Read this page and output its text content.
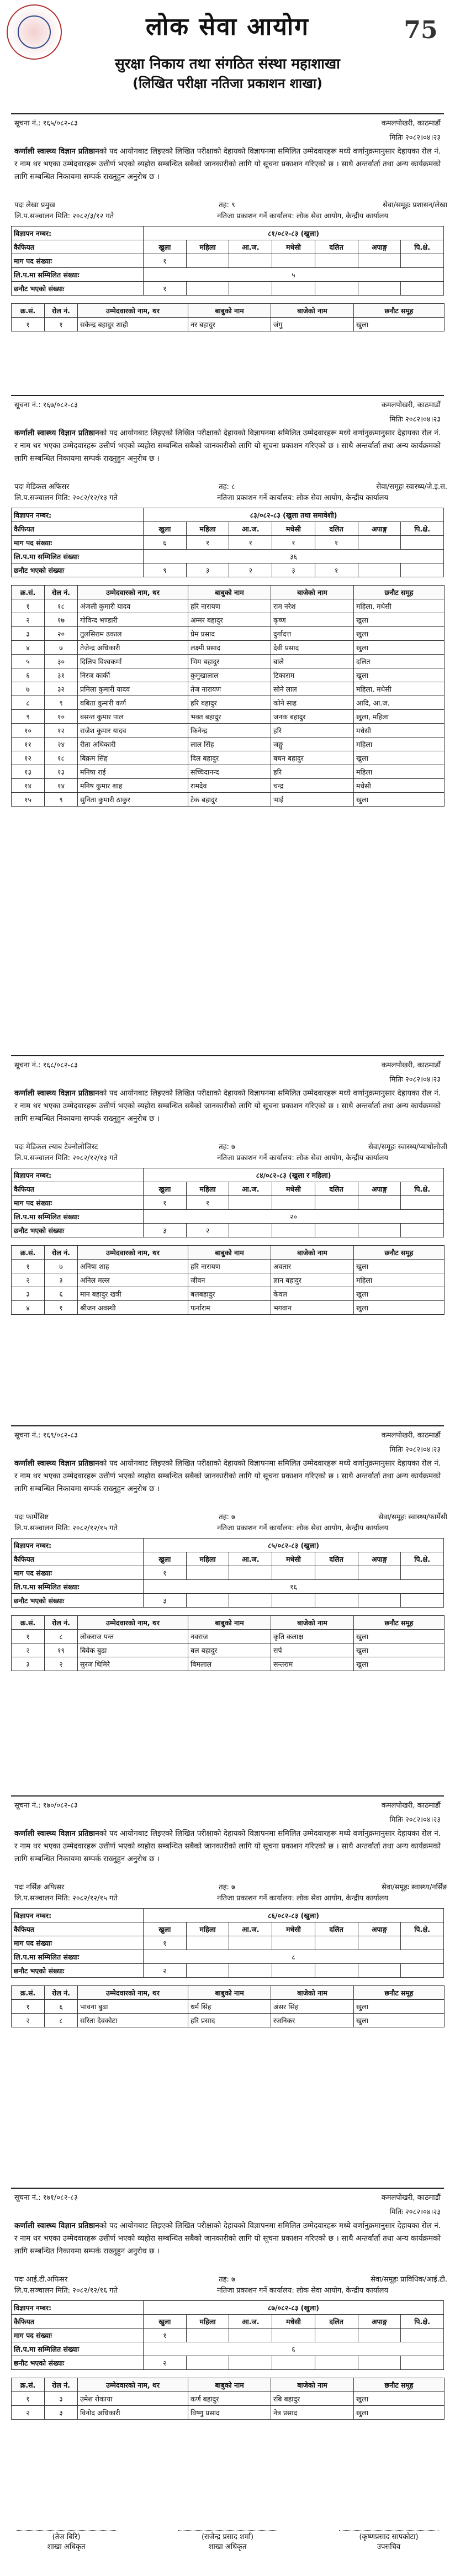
लोक सेवा आयोग
सुरक्षा निकाय तथा संगठित संस्था महाशाखा
(लिखित परीक्षा नतिजा प्रकाशन शाखा)
75
सूचना नं.: १६५/०८२-८३	कमलपोखरी, काठमाडौं
मितिः २०८२।०४।२३
कर्णाली स्वास्थ्य विज्ञान प्रतिष्ठानको पद आयोगबाट लिइएको लिखित परीक्षाको देहायको विज्ञापनमा समिलित उम्मेदवारहरू मध्ये वर्णानुक्रमानुसार देहायका रोल नं. र नाम थर भएका उम्मेदवारहरू उत्तीर्ण भएको व्यहोरा सम्बन्धित सबैको जानकारीको लागि यो सूचना प्रकाशन गरिएको छ । साथै अन्तर्वार्ता तथा अन्य कार्यक्रमको लागि सम्बन्धित निकायमा सम्पर्क राख्नुहुन अनुरोध छ ।
पदः लेखा प्रमुख	तह: ९	सेवा/समूहः प्रशासन/लेखा
लि.प.सञ्चालन मिति: २०८२/३/१२ गते	नतिजा प्रकाशन गर्ने कार्यालय: लोक सेवा आयोग, केन्द्रीय कार्यालय
विज्ञापन नम्बर:	८१/०८२-८३ (खुला)						
कैफियत	खुला	महिला	आ.ज.	मधेसी	दलित	अपाङ्ग	पि.क्षे.
माग पद संख्याः	१						
लि.प.मा सम्मिलित संख्याः	५						
छनौट भएको संख्याः	१						
क्र.सं.	रोल नं.	उम्मेदवारको नाम, थर	बाबुको नाम	बाजेको नाम	छनौट समूह
१	१	सकेन्द्र बहादुर शाही	नर बहादुर	जंगु	खुला
सूचना नं.: १६७/०८२-८३	कमलपोखरी, काठमाडौं
मितिः २०८२।०४।२३
कर्णाली स्वास्थ्य विज्ञान प्रतिष्ठानको पद आयोगबाट लिइएको लिखित परीक्षाको देहायको विज्ञापनमा समिलित उम्मेदवारहरू मध्ये वर्णानुक्रमानुसार देहायका रोल नं. र नाम थर भएका उम्मेदवारहरू उत्तीर्ण भएको व्यहोरा सम्बन्धित सबैको जानकारीको लागि यो सूचना प्रकाशन गरिएको छ । साथै अन्तर्वार्ता तथा अन्य कार्यक्रमको लागि सम्बन्धित निकायमा सम्पर्क राख्नुहुन अनुरोध छ ।
पदः मेडिकल अफिसर	तह: ८	सेवा/समूहः स्वास्थ्य/जे.इ.स.
लि.प.सञ्चालन मिति: २०८२/१२/१३ गते	नतिजा प्रकाशन गर्ने कार्यालय: लोक सेवा आयोग, केन्द्रीय कार्यालय
विज्ञापन नम्बर:	८३/०८२-८३ (खुला तथा समावेशी)						
कैफियत	खुला	महिला	आ.ज.	मधेसी	दलित	अपाङ्ग	पि.क्षे.
माग पद संख्याः	६	१	१	१	१		
लि.प.मा सम्मिलित संख्याः	३६						
छनौट भएको संख्याः	९	३	२	३	१		
क्र.सं.	रोल नं.	उम्मेदवारको नाम, थर	बाबुको नाम	बाजेको नाम	छनौट समूह
१	१८	अंजली कुमारी यादव	हरि नारायण	राम नरेश	महिला, मधेसी
२	१७	गोविन्द भण्डारी	अम्मर बहादुर	कृष्ण	खुला
३	२०	तुलसिराम ढकाल	प्रेम प्रसाद	दुर्गादत्त	खुला
४	७	तेजेन्द्र अधिकारी	लक्ष्मी प्रसाद	देवी प्रसाद	खुला
५	३०	दिलिप विश्वकर्मा	भिम बहादुर	बाले	दलित
६	३१	निरज कार्की	कुमुखालाल	टिकाराम	खुला
७	३२	प्रमिला कुमारी यादव	तेज नारायण	सोने लाल	महिला, मधेसी
८	९	बबिता कुमारी कर्ण	हरि बहादुर	कोने साह	आदि, आ.ज.
९	१०	बसन्त कुमार पाल	भक्त बहादुर	जनक बहादुर	खुला, महिला
१०	१२	राजेश कुमार यादव	किनेन्द्र	हरि	मधेसी
११	२४	रीता अधिकारी	लाल सिंह	जङ्गु	महिला
१२	१८	बिक्रम सिंह	दिल बहादुर	बचन बहादुर	खुला
१३	१३	मनिषा राई	सच्चिदानन्द	हरि	महिला
१४	१४	मनिष कुमार शाह	रामदेव	चन्द्र	मधेसी
१५	९	सुनिता कुमारी ठाकुर	टेक बहादुर	भाई	खुला
सूचना नं.: १६८/०८२-८३	कमलपोखरी, काठमाडौं
मितिः २०८२।०४।२३
कर्णाली स्वास्थ्य विज्ञान प्रतिष्ठानको पद आयोगबाट लिइएको लिखित परीक्षाको देहायको विज्ञापनमा समिलित उम्मेदवारहरू मध्ये वर्णानुक्रमानुसार देहायका रोल नं. र नाम थर भएका उम्मेदवारहरू उत्तीर्ण भएको व्यहोरा सम्बन्धित सबैको जानकारीको लागि यो सूचना प्रकाशन गरिएको छ । साथै अन्तर्वार्ता तथा अन्य कार्यक्रमको लागि सम्बन्धित निकायमा सम्पर्क राख्नुहुन अनुरोध छ ।
पदः मेडिकल ल्याब टेक्नोलोजिस्ट	तह: ७	सेवा/समूहः स्वास्थ्य/प्याथोलोजी
लि.प.सञ्चालन मिति: २०८२/१२/१३ गते	नतिजा प्रकाशन गर्ने कार्यालय: लोक सेवा आयोग, केन्द्रीय कार्यालय
विज्ञापन नम्बर:	८४/०८२-८३ (खुला र महिला)						
कैफियत	खुला	महिला	आ.ज.	मधेसी	दलित	अपाङ्ग	पि.क्षे.
माग पद संख्याः	१	१					
लि.प.मा सम्मिलित संख्याः	२०						
छनौट भएको संख्याः	३	२					
क्र.सं.	रोल नं.	उम्मेदवारको नाम, थर	बाबुको नाम	बाजेको नाम	छनौट समूह
१	७	अनिषा शाह	हरि नारायण	अवतार	खुला
२	३	अनिल मल्ल	जीवन	ज्ञान बहादुर	महिला
३	६	मान बहादुर खत्री	बलबहादुर	केवल	खुला
४	१	श्रीजन अवस्थी	फर्नाराम	भगवान	खुला
सूचना नं.: १६९/०८२-८३	कमलपोखरी, काठमाडौं
मितिः २०८२।०४।२३
कर्णाली स्वास्थ्य विज्ञान प्रतिष्ठानको पद आयोगबाट लिइएको लिखित परीक्षाको देहायको विज्ञापनमा समिलित उम्मेदवारहरू मध्ये वर्णानुक्रमानुसार देहायका रोल नं. र नाम थर भएका उम्मेदवारहरू उत्तीर्ण भएको व्यहोरा सम्बन्धित सबैको जानकारीको लागि यो सूचना प्रकाशन गरिएको छ । साथै अन्तर्वार्ता तथा अन्य कार्यक्रमको लागि सम्बन्धित निकायमा सम्पर्क राख्नुहुन अनुरोध छ ।
पदः फार्मेसिष्ट	तह: ७	सेवा/समूहः स्वास्थ्य/फार्मेसी
लि.प.सञ्चालन मिति: २०८२/१२/१५ गते	नतिजा प्रकाशन गर्ने कार्यालय: लोक सेवा आयोग, केन्द्रीय कार्यालय
विज्ञापन नम्बर:	८५/०८२-८३ (खुला)						
कैफियत	खुला	महिला	आ.ज.	मधेसी	दलित	अपाङ्ग	पि.क्षे.
माग पद संख्याः	१						
लि.प.मा सम्मिलित संख्याः	१६						
छनौट भएको संख्याः	३						
क्र.सं.	रोल नं.	उम्मेदवारको नाम, थर	बाबुको नाम	बाजेको नाम	छनौट समूह
१	८	लोकराज पन्त	नवराज	कृति कलाक्ष	खुला
२	१९	बिवेक बुढा	बल बहादुर	सर्प	खुला
३	२	सुरज थिमिरे	बिमलाल	सन्तराम	खुला
सूचना नं.: १७०/०८२-८३	कमलपोखरी, काठमाडौं
मितिः २०८२।०४।२३
कर्णाली स्वास्थ्य विज्ञान प्रतिष्ठानको पद आयोगबाट लिइएको लिखित परीक्षाको देहायको विज्ञापनमा समिलित उम्मेदवारहरू मध्ये वर्णानुक्रमानुसार देहायका रोल नं. र नाम थर भएका उम्मेदवारहरू उत्तीर्ण भएको व्यहोरा सम्बन्धित सबैको जानकारीको लागि यो सूचना प्रकाशन गरिएको छ । साथै अन्तर्वार्ता तथा अन्य कार्यक्रमको लागि सम्बन्धित निकायमा सम्पर्क राख्नुहुन अनुरोध छ ।
पदः नर्सिङ अफिसर	तह: ७	सेवा/समूहः स्वास्थ्य/नर्सिङ
लि.प.सञ्चालन मिति: २०८२/१२/१५ गते	नतिजा प्रकाशन गर्ने कार्यालय: लोक सेवा आयोग, केन्द्रीय कार्यालय
विज्ञापन नम्बर:	८६/०८२-८३ (खुला)						
कैफियत	खुला	महिला	आ.ज.	मधेसी	दलित	अपाङ्ग	पि.क्षे.
माग पद संख्याः	१						
लि.प.मा सम्मिलित संख्याः	८						
छनौट भएको संख्याः	२						
क्र.सं.	रोल नं.	उम्मेदवारको नाम, थर	बाबुको नाम	बाजेको नाम	छनौट समूह
१	६	भावना बुढा	धर्म सिंह	अंसर सिंह	खुला
२	८	सरिता देवकोटा	हरि प्रसाद	रजनिकर	खुला
सूचना नं.: १७१/०८२-८३	कमलपोखरी, काठमाडौं
मितिः २०८२।०४।२३
कर्णाली स्वास्थ्य विज्ञान प्रतिष्ठानको पद आयोगबाट लिइएको लिखित परीक्षाको देहायको विज्ञापनमा समिलित उम्मेदवारहरू मध्ये वर्णानुक्रमानुसार देहायका रोल नं. र नाम थर भएका उम्मेदवारहरू उत्तीर्ण भएको व्यहोरा सम्बन्धित सबैको जानकारीको लागि यो सूचना प्रकाशन गरिएको छ । साथै अन्तर्वार्ता तथा अन्य कार्यक्रमको लागि सम्बन्धित निकायमा सम्पर्क राख्नुहुन अनुरोध छ ।
पदः आई.टी.अफिसर	तह: ७	सेवा/समूहः प्राविधिक/आई.टी.
लि.प.सञ्चालन मिति: २०८२/१२/१६ गते	नतिजा प्रकाशन गर्ने कार्यालय: लोक सेवा आयोग, केन्द्रीय कार्यालय
विज्ञापन नम्बर:	८७/०८२-८३ (खुला)						
कैफियत	खुला	महिला	आ.ज.	मधेसी	दलित	अपाङ्ग	पि.क्षे.
माग पद संख्याः	१						
लि.प.मा सम्मिलित संख्याः	६						
छनौट भएको संख्याः	२						
क्र.सं.	रोल नं.	उम्मेदवारको नाम, थर	बाबुको नाम	बाजेको नाम	छनौट समूह
१	३	उमेश रोकाया	कर्ण बहादुर	रबि बहादुर	खुला
२	३	विनोद अधिकारी	विष्णु प्रसाद	नेत्र प्रसाद	खुला
(तेज बिरि)
शाखा अधिकृत
(राजेन्द्र प्रसाद शर्मा)
शाखा अधिकृत
(कृष्णप्रसाद सापकोटा)
उपसचिव
